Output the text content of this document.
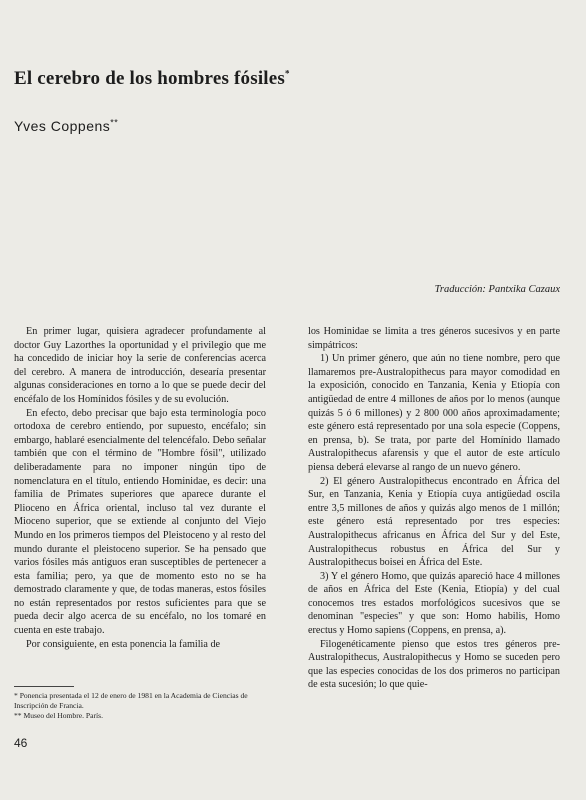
El cerebro de los hombres fósiles*
Yves Coppens**
Traducción: Pantxika Cazaux

En primer lugar, quisiera agradecer profundamente al doctor Guy Lazorthes la oportunidad y el privilegio que me ha concedido de iniciar hoy la serie de conferencias acerca del cerebro. A manera de introducción, desearía presentar algunas consideraciones en torno a lo que se puede decir del encéfalo de los Homínidos fósiles y de su evolución.

En efecto, debo precisar que bajo esta terminología poco ortodoxa de cerebro entiendo, por supuesto, encéfalo; sin embargo, hablaré esencialmente del telencéfalo. Debo señalar también que con el término de "Hombre fósil", utilizado deliberadamente para no imponer ningún tipo de nomenclatura en el título, entiendo Hominidae, es decir: una familia de Primates superiores que aparece durante el Plioceno en África oriental, incluso tal vez durante el Mioceno superior, que se extiende al conjunto del Viejo Mundo en los primeros tiempos del Pleistoceno y al resto del mundo durante el pleistoceno superior. Se ha pensado que varios fósiles más antiguos eran susceptibles de pertenecer a esta familia; pero, ya que de momento esto no se ha demostrado claramente y que, de todas maneras, estos fósiles no están representados por restos suficientes para que se pueda decir algo acerca de su encéfalo, no los tomaré en cuenta en este trabajo.

Por consiguiente, en esta ponencia la familia de

los Hominidae se limita a tres géneros sucesivos y en parte simpátricos:

1) Un primer género, que aún no tiene nombre, pero que llamaremos pre-Australopithecus para mayor comodidad en la exposición, conocido en Tanzania, Kenia y Etiopía con antigüedad de entre 4 millones de años por lo menos (aunque quizás 5 ó 6 millones) y 2 800 000 años aproximadamente; este género está representado por una sola especie (Coppens, en prensa, b). Se trata, por parte del Homínido llamado Australopithecus afarensis y que el autor de este artículo piensa deberá elevarse al rango de un nuevo género.

2) El género Australopithecus encontrado en África del Sur, en Tanzania, Kenia y Etiopía cuya antigüedad oscila entre 3,5 millones de años y quizás algo menos de 1 millón; este género está representado por tres especies: Australopithecus africanus en África del Sur y del Este, Australopithecus robustus en África del Sur y Australopithecus boisei en África del Este.

3) Y el género Homo, que quizás apareció hace 4 millones de años en África del Este (Kenia, Etiopía) y del cual conocemos tres estados morfológicos sucesivos que se denominan "especies" y que son: Homo habilis, Homo erectus y Homo sapiens (Coppens, en prensa, a).

Filogenéticamente pienso que estos tres géneros pre-Australopithecus, Australopithecus y Homo se suceden pero que las especies conocidas de los dos primeros no participan de esta sucesión; lo que quie-

* Ponencia presentada el 12 de enero de 1981 en la Academia de Ciencias de Inscripción de Francia.
** Museo del Hombre. París.
46
